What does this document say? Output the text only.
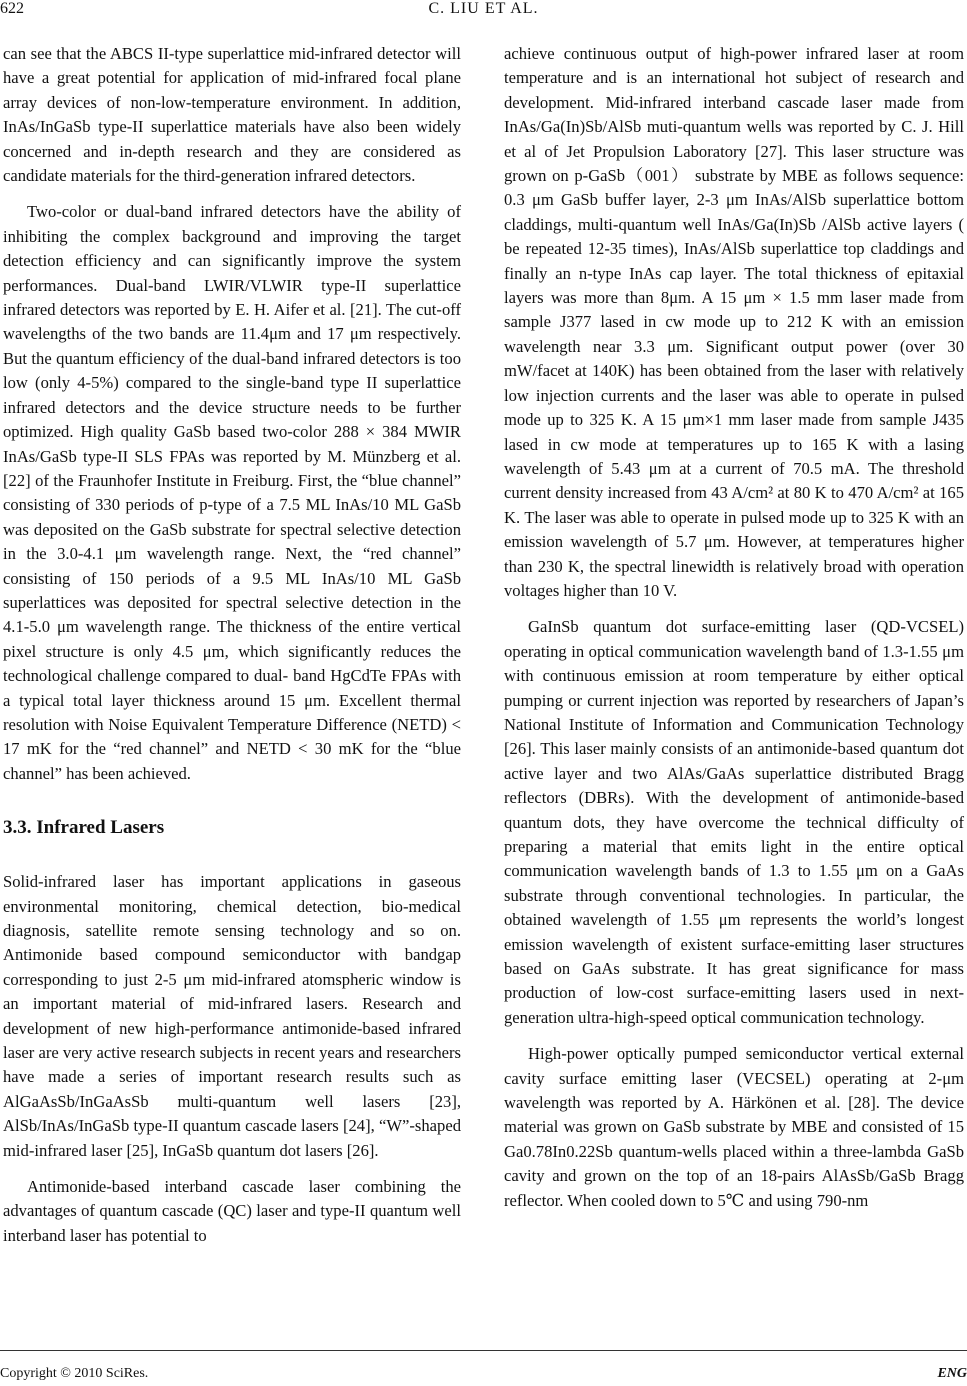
622	C. LIU ET AL.

can see that the ABCS II-type superlattice mid-infrared detector will have a great potential for application of mid-infrared focal plane array devices of non-low-temperature environment. In addition, InAs/InGaSb type-II superlattice materials have also been widely concerned and in-depth research and they are considered as candidate materials for the third-generation infrared detectors.

Two-color or dual-band infrared detectors have the ability of inhibiting the complex background and improving the target detection efficiency and can significantly improve the system performances. Dual-band LWIR/VLWIR type-II superlattice infrared detectors was reported by E. H. Aifer et al. [21]. The cut-off wavelengths of the two bands are 11.4μm and 17 μm respectively. But the quantum efficiency of the dual-band infrared detectors is too low (only 4-5%) compared to the single-band type II superlattice infrared detectors and the device structure needs to be further optimized. High quality GaSb based two-color 288 × 384 MWIR InAs/GaSb type-II SLS FPAs was reported by M. Münzberg et al. [22] of the Fraunhofer Institute in Freiburg. First, the “blue channel” consisting of 330 periods of p-type of a 7.5 ML InAs/10 ML GaSb was deposited on the GaSb substrate for spectral selective detection in the 3.0-4.1 μm wavelength range. Next, the “red channel” consisting of 150 periods of a 9.5 ML InAs/10 ML GaSb superlattices was deposited for spectral selective detection in the 4.1-5.0 μm wavelength range. The thickness of the entire vertical pixel structure is only 4.5 μm, which significantly reduces the technological challenge compared to dual- band HgCdTe FPAs with a typical total layer thickness around 15 μm. Excellent thermal resolution with Noise Equivalent Temperature Difference (NETD) < 17 mK for the “red channel” and NETD < 30 mK for the “blue channel” has been achieved.

3.3. Infrared Lasers

Solid-infrared laser has important applications in gaseous environmental monitoring, chemical detection, bio-medical diagnosis, satellite remote sensing technology and so on. Antimonide based compound semiconductor with bandgap corresponding to just 2-5 μm mid-infrared atomspheric window is an important material of mid-infrared lasers. Research and development of new high-performance antimonide-based infrared laser are very active research subjects in recent years and researchers have made a series of important research results such as AlGaAsSb/InGaAsSb multi-quantum well lasers [23], AlSb/InAs/InGaSb type-II quantum cascade lasers [24], “W”-shaped mid-infrared laser [25], InGaSb quantum dot lasers [26].

Antimonide-based interband cascade laser combining the advantages of quantum cascade (QC) laser and type-II quantum well interband laser has potential to

achieve continuous output of high-power infrared laser at room temperature and is an international hot subject of research and development. Mid-infrared interband cascade laser made from InAs/Ga(In)Sb/AlSb muti-quantum wells was reported by C. J. Hill et al of Jet Propulsion Laboratory [27]. This laser structure was grown on p-GaSb（001） substrate by MBE as follows sequence: 0.3 μm GaSb buffer layer, 2-3 μm InAs/AlSb superlattice bottom claddings, multi-quantum well InAs/Ga(In)Sb /AlSb active layers ( be repeated 12-35 times), InAs/AlSb superlattice top claddings and finally an n-type InAs cap layer. The total thickness of epitaxial layers was more than 8μm. A 15 μm × 1.5 mm laser made from sample J377 lased in cw mode up to 212 K with an emission wavelength near 3.3 μm. Significant output power (over 30 mW/facet at 140K) has been obtained from the laser with relatively low injection currents and the laser was able to operate in pulsed mode up to 325 K. A 15 μm×1 mm laser made from sample J435 lased in cw mode at temperatures up to 165 K with a lasing wavelength of 5.43 μm at a current of 70.5 mA. The threshold current density increased from 43 A/cm² at 80 K to 470 A/cm² at 165 K. The laser was able to operate in pulsed mode up to 325 K with an emission wavelength of 5.7 μm. However, at temperatures higher than 230 K, the spectral linewidth is relatively broad with operation voltages higher than 10 V.

GaInSb quantum dot surface-emitting laser (QD-VCSEL) operating in optical communication wavelength band of 1.3-1.55 μm with continuous emission at room temperature by either optical pumping or current injection was reported by researchers of Japan’s National Institute of Information and Communication Technology [26]. This laser mainly consists of an antimonide-based quantum dot active layer and two AlAs/GaAs superlattice distributed Bragg reflectors (DBRs). With the development of antimonide-based quantum dots, they have overcome the technical difficulty of preparing a material that emits light in the entire optical communication wavelength bands of 1.3 to 1.55 μm on a GaAs substrate through conventional technologies. In particular, the obtained wavelength of 1.55 μm represents the world’s longest emission wavelength of existent surface-emitting laser structures based on GaAs substrate. It has great significance for mass production of low-cost surface-emitting lasers used in next-generation ultra-high-speed optical communication technology.

High-power optically pumped semiconductor vertical external cavity surface emitting laser (VECSEL) operating at 2-μm wavelength was reported by A. Härkönen et al. [28]. The device material was grown on GaSb substrate by MBE and consisted of 15 Ga0.78In0.22Sb quantum-wells placed within a three-lambda GaSb cavity and grown on the top of an 18-pairs AlAsSb/GaSb Bragg reflector. When cooled down to 5℃ and using 790-nm

Copyright © 2010 SciRes.	ENG
